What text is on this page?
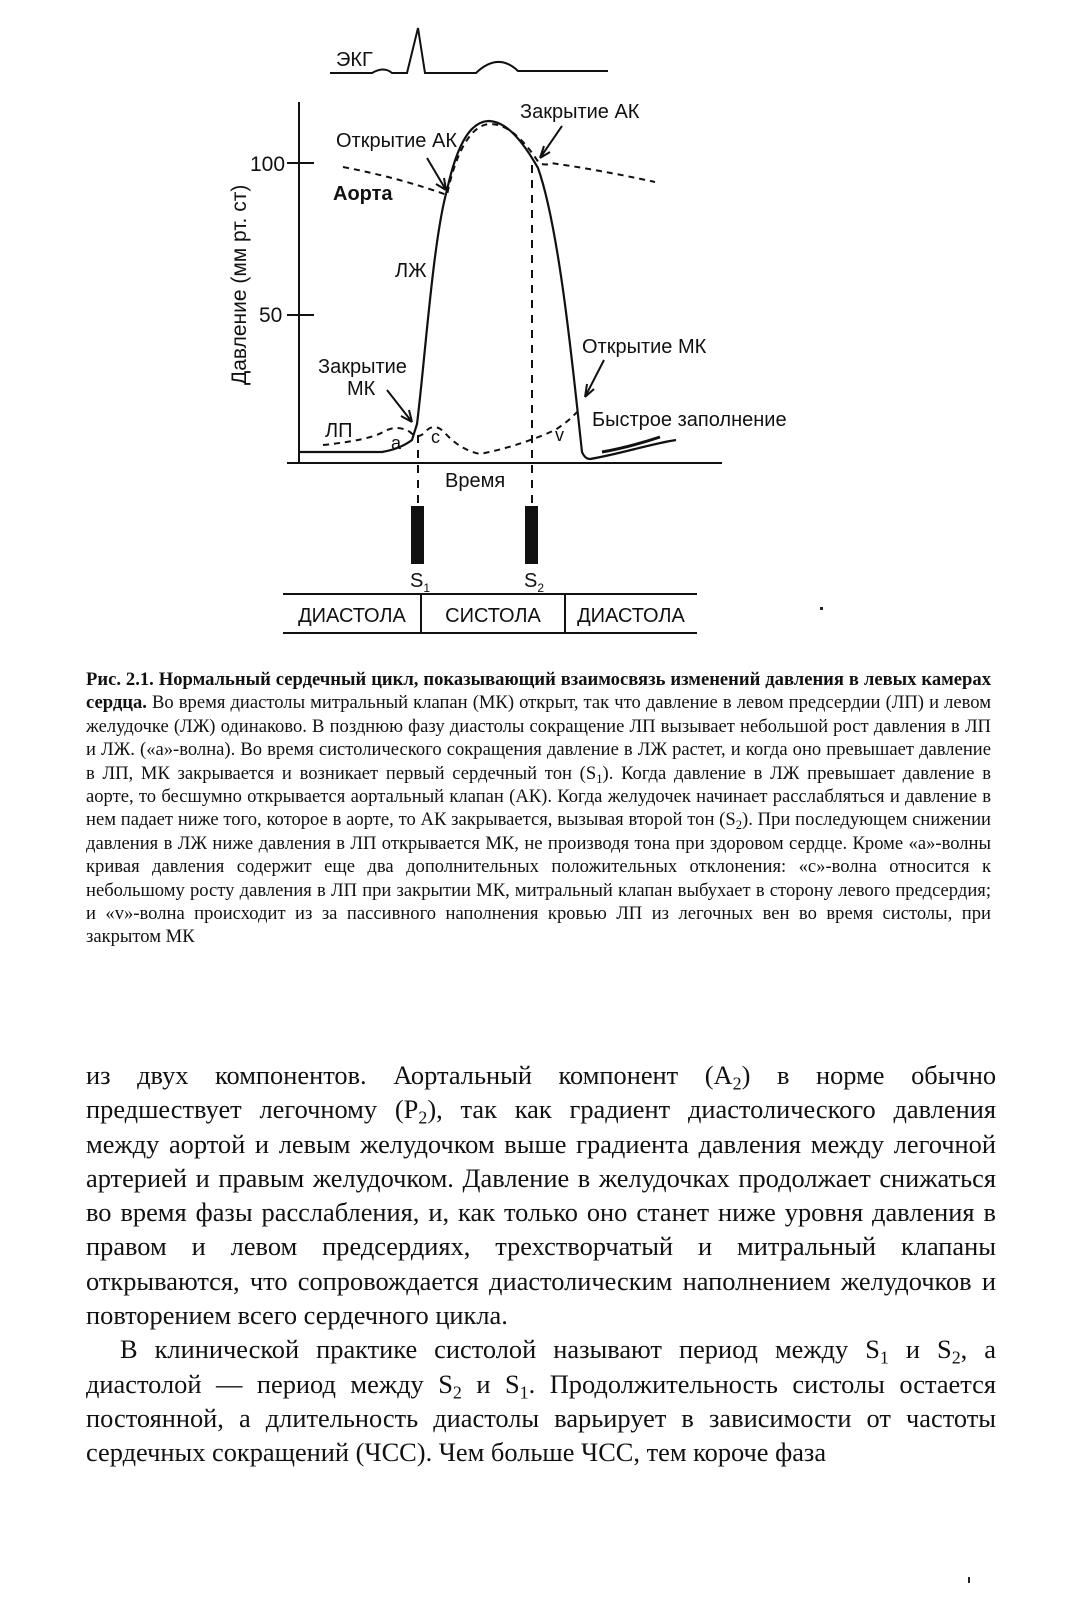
ЭКГ
Давление (мм рт. ст)
100
50
Открытие АК
Закрытие АК
Аорта
ЛЖ
Закрытие
МК
Открытие МК
ЛП
a c	v
Быстрое заполнение
Время
$S_1$	$S_2$
ДИАСТОЛА СИСТОЛА ДИАСТОЛА

Рис. 2.1. Нормальный сердечный цикл, показывающий взаимосвязь изменений давления в левых камерах сердца. Во время диастолы митральный клапан (МК) открыт, так что давление в левом предсердии (ЛП) и левом желудочке (ЛЖ) одинаково. В позднюю фазу диастолы сокращение ЛП вызывает небольшой рост давления в ЛП и ЛЖ. («а»-волна). Во время систолического сокращения давление в ЛЖ растет, и когда оно превышает давление в ЛП, МК закрывается и возникает первый сердечный тон $(S_1)$. Когда давление в ЛЖ превышает давление в аорте, то бесшумно открывается аортальный клапан (АК). Когда желудочек начинает расслабляться и давление в нем падает ниже того, которое в аорте, то АК закрывается, вызывая второй тон $(S_2)$. При последующем снижении давления в ЛЖ ниже давления в ЛП открывается МК, не производя тона при здоровом сердце. Кроме «а»-волны кривая давления содержит еще два дополнительных положительных отклонения: «с»-волна относится к небольшому росту давления в ЛП при закрытии МК, митральный клапан выбухает в сторону левого предсердия; и «v»-волна происходит из за пассивного наполнения кровью ЛП из легочных вен во время систолы, при закрытом МК

из двух компонентов. Аортальный компонент $(А_2)$ в норме обычно предшествует легочному $(Р_2)$, так как градиент диастолического давления между аортой и левым желудочком выше градиента давления между легочной артерией и правым желудочком. Давление в желудочках продолжает снижаться во время фазы расслабления, и, как только оно станет ниже уровня давления в правом и левом предсердиях, трехстворчатый и митральный клапаны открываются, что сопровождается диастолическим наполнением желудочков и повторением всего сердечного цикла.

В клинической практике систолой называют период между $S_1$ и $S_2$, а диастолой — период между $S_2$ и $S_1$. Продолжительность систолы остается постоянной, а длительность диастолы варьирует в зависимости от частоты сердечных сокращений (ЧСС). Чем больше ЧСС, тем короче фаза
